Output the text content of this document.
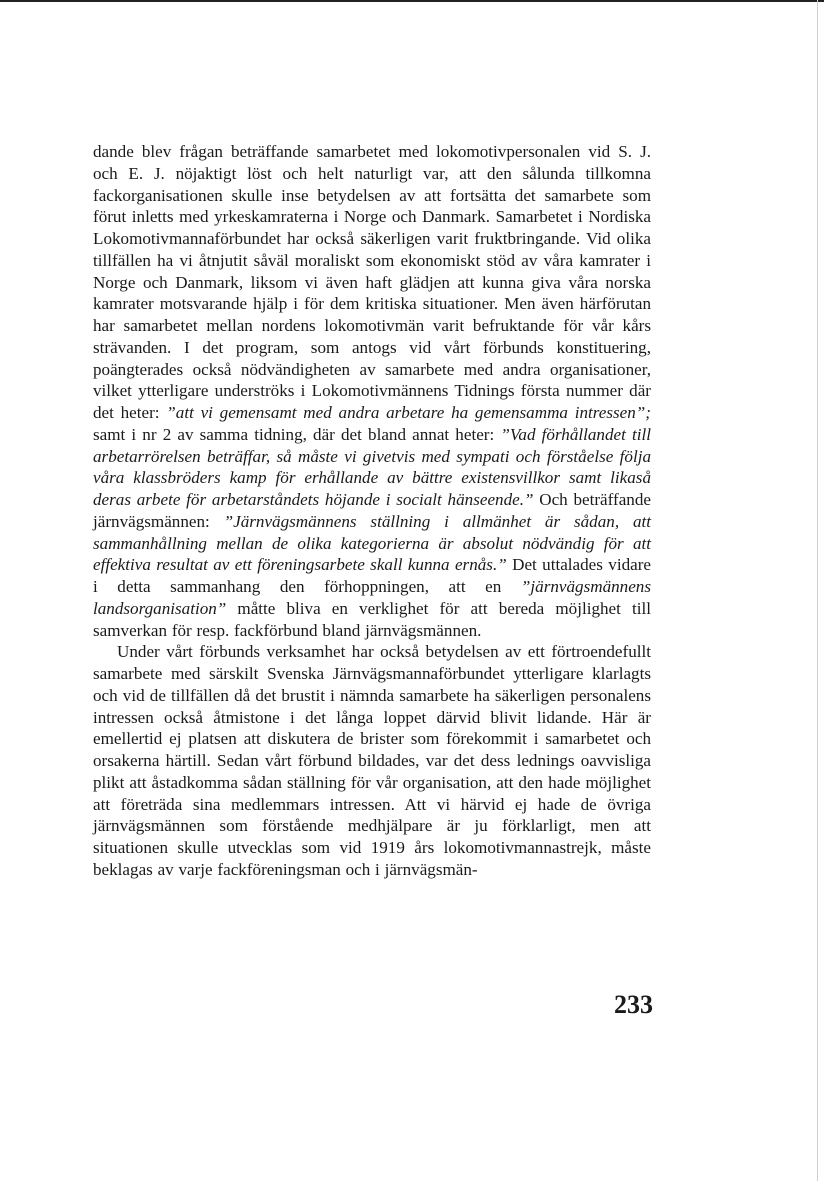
dande blev frågan beträffande samarbetet med lokomotivpersonalen vid S. J. och E. J. nöjaktigt löst och helt naturligt var, att den sålunda tillkomna fackorganisationen skulle inse betydelsen av att fortsätta det samarbete som förut inletts med yrkeskamraterna i Norge och Danmark. Samarbetet i Nordiska Lokomotivmannaförbundet har också säkerligen varit fruktbringande. Vid olika tillfällen ha vi åtnjutit såväl moraliskt som ekonomiskt stöd av våra kamrater i Norge och Danmark, liksom vi även haft glädjen att kunna giva våra norska kamrater motsvarande hjälp i för dem kritiska situationer. Men även härförutan har samarbetet mellan nordens lokomotivmän varit befruktande för vår kårs strävanden. I det program, som antogs vid vårt förbunds konstituering, poängterades också nödvändigheten av samarbete med andra organisationer, vilket ytterligare underströks i Lokomotivmännens Tidnings första nummer där det heter: ”att vi gemensamt med andra arbetare ha gemensamma intressen”; samt i nr 2 av samma tidning, där det bland annat heter: ”Vad förhållandet till arbetarrörelsen beträffar, så måste vi givetvis med sympati och förståelse följa våra klassbröders kamp för erhållande av bättre existensvillkor samt likaså deras arbete för arbetarståndets höjande i socialt hänseende.” Och beträffande järnvägsmännen: ”Järnvägsmännens ställning i allmänhet är sådan, att sammanhållning mellan de olika kategorierna är absolut nödvändig för att effektiva resultat av ett föreningsarbete skall kunna ernås.” Det uttalades vidare i detta sammanhang den förhoppningen, att en ”järnvägsmännens landsorganisation” måtte bliva en verklighet för att bereda möjlighet till samverkan för resp. fackförbund bland järnvägsmännen.

Under vårt förbunds verksamhet har också betydelsen av ett förtroendefullt samarbete med särskilt Svenska Järnvägsmannaförbundet ytterligare klarlagts och vid de tillfällen då det brustit i nämnda samarbete ha säkerligen personalens intressen också åtmistone i det långa loppet därvid blivit lidande. Här är emellertid ej platsen att diskutera de brister som förekommit i samarbetet och orsakerna härtill. Sedan vårt förbund bildades, var det dess lednings oavvisliga plikt att åstadkomma sådan ställning för vår organisation, att den hade möjlighet att företräda sina medlemmars intressen. Att vi härvid ej hade de övriga järnvägsmännen som förstående medhjälpare är ju förklarligt, men att situationen skulle utvecklas som vid 1919 års lokomotivmannastrejk, måste beklagas av varje fackföreningsman och i järnvägsmän-

233
